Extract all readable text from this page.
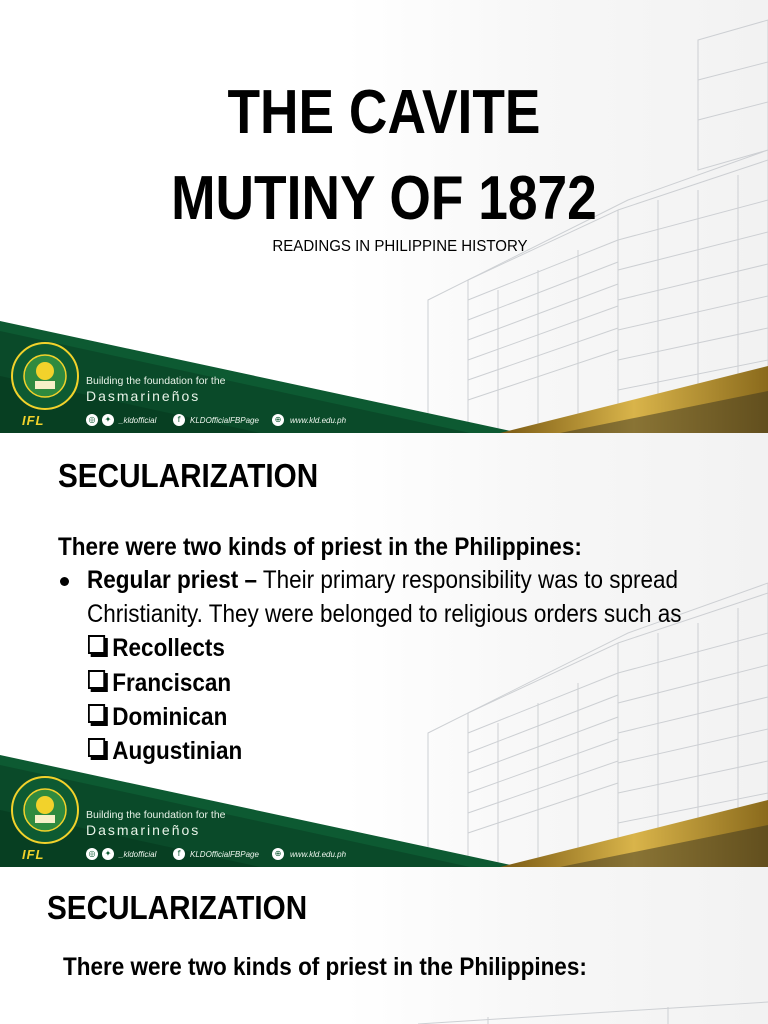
THE CAVITE
MUTINY OF 1872
READINGS IN PHILIPPINE HISTORY
Building the foundation for the
Dasmarineños
IFL	◎	✦ _kldofficial	f	KLDOfficialFBPage	⊕	www.kld.edu.ph
SECULARIZATION
There were two kinds of priest in the Philippines:
Regular priest – Their primary responsibility was to spread
Christianity. They were belonged to religious orders such as
Recollects
Franciscan
Dominican
Augustinian
Building the foundation for the
Dasmarineños
IFL	◎	✦ _kldofficial	f	KLDOfficialFBPage	⊕	www.kld.edu.ph
SECULARIZATION
There were two kinds of priest in the Philippines:
